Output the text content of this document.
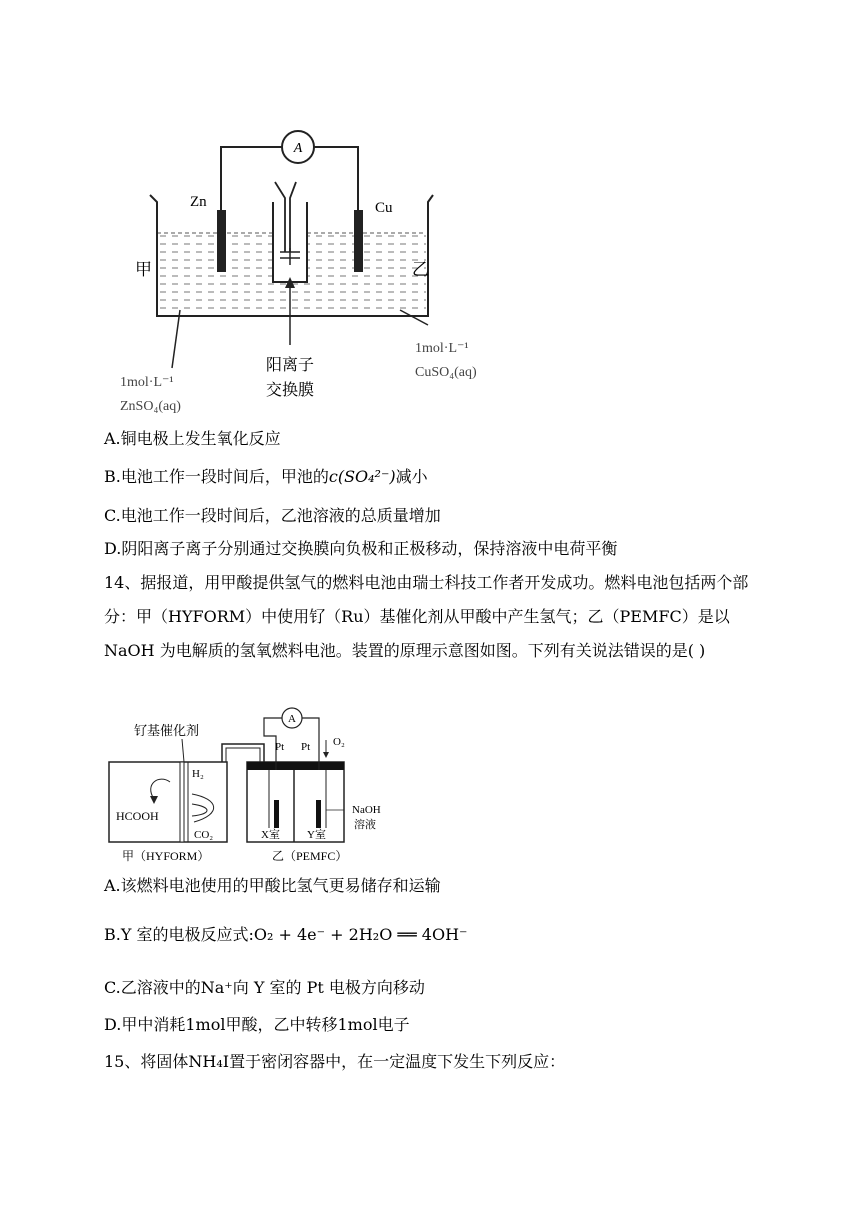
A
Zn	Cu
甲	乙
阳离子
交换膜
1mol·L⁻¹
ZnSO₄(aq)
1mol·L⁻¹
CuSO₄(aq)
A.铜电极上发生氧化反应
B.电池工作一段时间后，甲池的c(SO₄²⁻)减小
C.电池工作一段时间后，乙池溶液的总质量增加
D.阴阳离子离子分别通过交换膜向负极和正极移动，保持溶液中电荷平衡
14、据报道，用甲酸提供氢气的燃料电池由瑞士科技工作者开发成功。燃料电池包括两个部分：甲（HYFORM）中使用钌（Ru）基催化剂从甲酸中产生氢气；乙（PEMFC）是以 NaOH 为电解质的氢氧燃料电池。装置的原理示意图如图。下列有关说法错误的是( )
钌基催化剂
HCOOH
H₂
CO₂
A
Pt Pt O₂
X室 Y室
NaOH
溶液
甲（HYFORM）	乙（PEMFC）
A.该燃料电池使用的甲酸比氢气更易储存和运输
B.Y 室的电极反应式:O₂ + 4e⁻ + 2H₂O ══ 4OH⁻
C.乙溶液中的Na⁺向 Y 室的 Pt 电极方向移动
D.甲中消耗1mol甲酸，乙中转移1mol电子
15、将固体NH₄I置于密闭容器中，在一定温度下发生下列反应：
